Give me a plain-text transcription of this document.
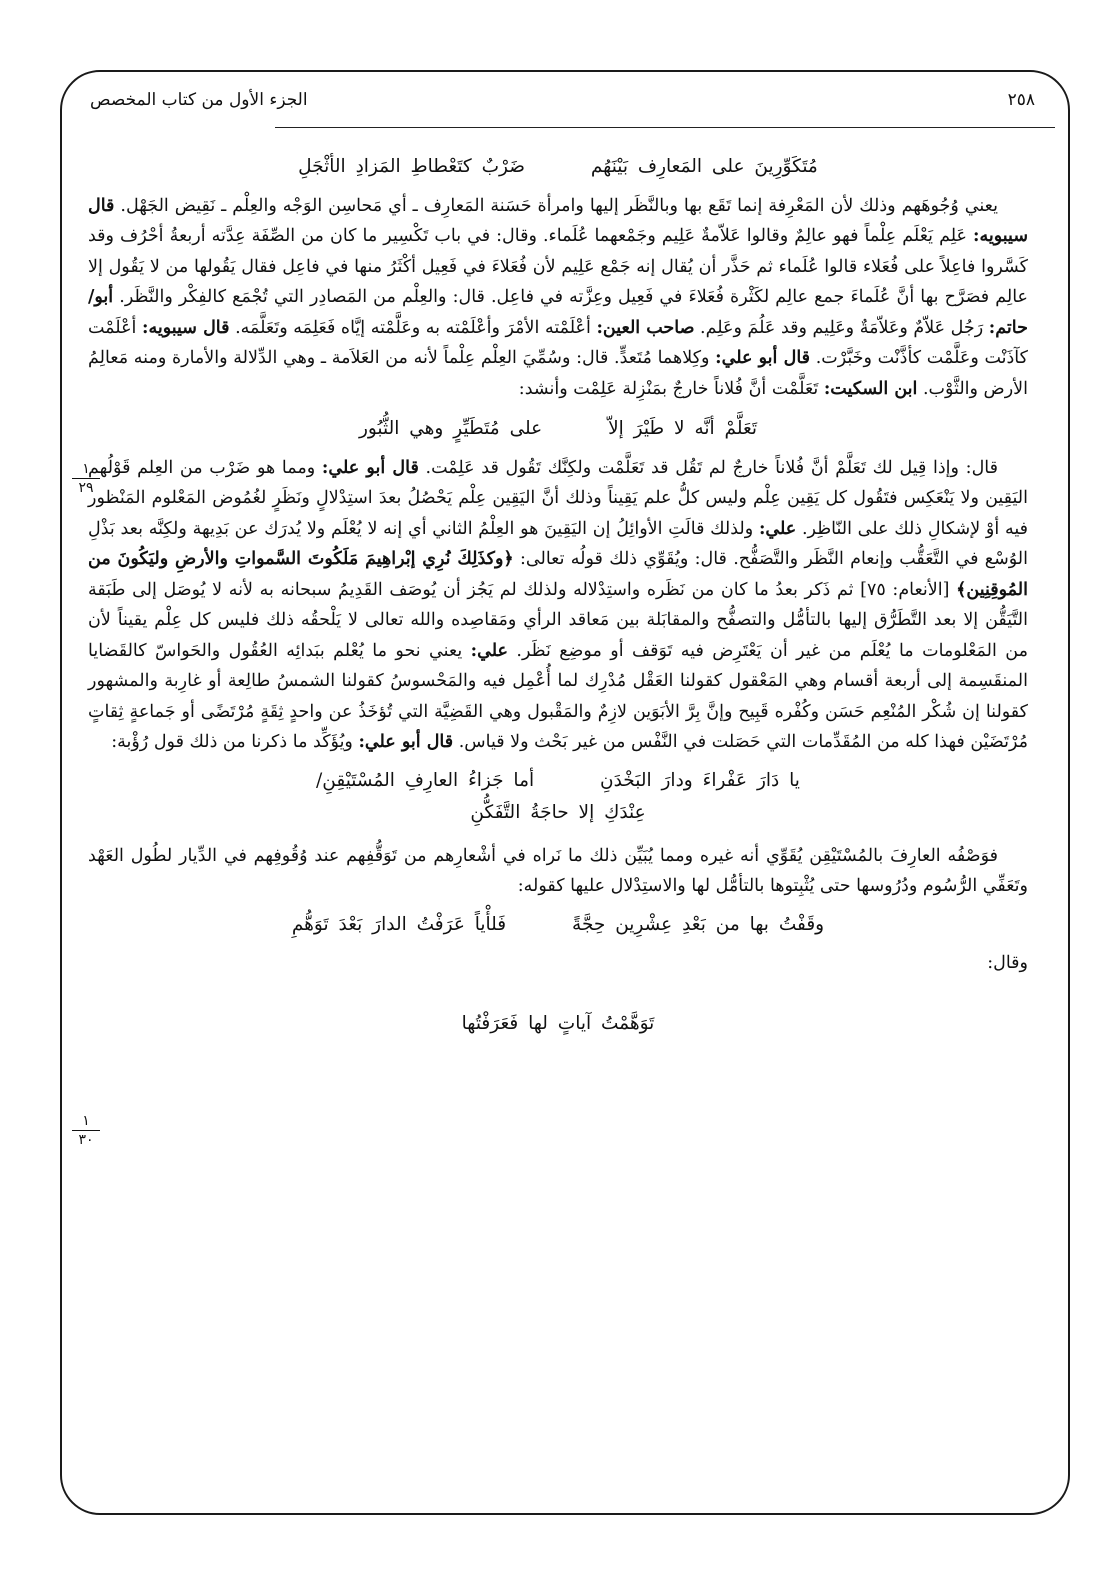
٢٥٨
الجزء الأول من كتاب المخصص
١
٢٩
١
٣٠
مُتَكَوِّرِينَ على المَعارِف بَيْنَهُم ضَرْبٌ كتَعْطاطِ المَزادِ الأثْجَلِ

يعني وُجُوهَهم وذلك لأن المَعْرِفة إنما تَقَع بها وبالنَّظَر إليها وامرأة حَسَنة المَعارِف ـ أي مَحاسِن الوَجْه والعِلْم ـ نَقِيض الجَهْل. قال سيبويه: عَلِم يَعْلَم عِلْماً فهو عالِمٌ وقالوا عَلاّمةٌ عَلِيم وجَمْعهما عُلَماء. وقال: في باب تَكْسِير ما كان من الصِّفَة عِدَّته أربعةُ أحْرُف وقد كَسَّروا فاعِلاً على فُعَلاء قالوا عُلَماء ثم حَذَّر أن يُقال إنه جَمْع عَلِيم لأن فُعَلاءَ في فَعِيل أكْثَرُ منها في فاعِل فقال يَقُولها من لا يَقُول إلا عالِم فصَرَّح بها أنَّ عُلَماءَ جمع عالِم لكَثْرة فُعَلاءَ في فَعِيل وعِزَّته في فاعِل. قال: والعِلْم من المَصادِر التي تُجْمَع كالفِكْر والنَّظَر. أبو/ حاتم: رَجُل عَلاّمٌ وعَلاّمَةٌ وعَلِيم وقد عَلُمَ وعَلِم. صاحب العين: أعْلَمْته الأمْرَ وأعْلَمْته به وعَلَّمْته إيَّاه فَعَلِمَه وتَعَلَّمَه. قال سيبويه: أعْلَمْت كآذَنْت وعَلَّمْت كأذَّنْت وخَبَّرْت. قال أبو علي: وكِلاهما مُتَعدٍّ. قال: وسُمِّيَ العِلْم عِلْماً لأنه من العَلاَمة ـ وهي الدِّلالة والأمارة ومنه مَعالِمُ الأرض والثَّوْب. ابن السكيت: تَعَلَّمْت أنَّ فُلاناً خارجٌ بمَنْزِلة عَلِمْت وأنشد:

تَعَلَّمْ أنَّه لا طَيْرَ إلاّ على مُتَطَيِّرٍ وهي الثُّبُور

قال: وإذا قِيل لك تَعَلَّمْ أنَّ فُلاناً خارجٌ لم تَقُل قد تَعَلَّمْت ولكِنَّك تَقُول قد عَلِمْت. قال أبو علي: ومما هو ضَرْب من العِلم قَوْلُهم اليَقِين ولا يَنْعَكِس فتَقُول كل يَقِين عِلْم وليس كلُّ علم يَقِيناً وذلك أنَّ اليَقِين عِلْم يَحْصُلُ بعدَ استِدْلالٍ ونَظَرٍ لغُمُوض المَعْلوم المَنْظور فيه أوْ لإشكالِ ذلك على النّاظِر. علي: ولذلك قالَتِ الأوائِلُ إن اليَقِينَ هو العِلْمُ الثاني أي إنه لا يُعْلَم ولا يُدرَك عن بَدِيهة ولكِنَّه بعد بَذْلِ الوُسْع في التَّعَقُّب وإنعام النَّظَر والتَّصَفُّح. قال: ويُقَوِّي ذلك قولُه تعالى: ﴿وكذَلِكَ نُرِي إبْراهِيمَ مَلَكُوتَ السَّمواتِ والأرضِ وليَكُونَ من المُوقِنِين﴾ [الأنعام: ٧٥] ثم ذَكر بعدُ ما كان من نَظَره واستِدْلاله ولذلك لم يَجُز أن يُوصَف القَدِيمُ سبحانه به لأنه لا يُوصَل إلى طَبَقة التَّيَقُّن إلا بعد التَّطَرُّق إليها بالتأمُّل والتصفُّح والمقابَلة بين مَعاقد الرأي ومَقاصِده والله تعالى لا يَلْحقُه ذلك فليس كل عِلْم يقيناً لأن من المَعْلومات ما يُعْلَم من غير أن يَعْتَرِض فيه تَوَقف أو موضِع نَظَر. علي: يعني نحو ما يُعْلم ببَدائِه العُقُول والحَواسّ كالقَضايا المنقَسِمة إلى أربعة أقسام وهي المَعْقول كقولنا العَقْل مُدْرِك لما أُعْمِل فيه والمَحْسوسُ كقولنا الشمسُ طالِعة أو غارِبة والمشهور كقولنا إن شُكْر المُنْعِم حَسَن وكُفْره قَبِيح وإنَّ بِرَّ الأبَوَين لازِمٌ والمَقْبول وهي القَضِيَّة التي تُؤخَذُ عن واحدٍ ثِقَةٍ مُرْتَضًى أو جَماعةٍ ثِقاتٍ مُرْتَضَيْن فهذا كله من المُقَدِّمات التي حَصَلت في النَّفْس من غير بَحْث ولا قياس. قال أبو علي: ويُؤَكِّد ما ذكرنا من ذلك قول رُؤْبة:

يا دَارَ عَفْراءَ ودارَ البَخْدَنِ أما جَزاءُ العارِفِ المُسْتَيْقِنِ/
عِنْدَكِ إلا حاجَةُ التَّفَكُّنِ

فوَصْفُه العارِفَ بالمُسْتَيْقِن يُقَوِّي أنه غيره ومما يُبَيِّن ذلك ما نَراه في أشْعارِهم من تَوَقُّفِهم عند وُقُوفِهم في الدِّيار لطُول العَهْد وتَعَفِّي الرُّسُوم ودُرُوسها حتى يُثْبِتوها بالتأمُّل لها والاستِدْلال عليها كقوله:

وقَفْتُ بها من بَعْدِ عِشْرِين حِجَّةً فَلأْياً عَرَفْتُ الدارَ بَعْدَ تَوَهُّمِ

وقال:

تَوَهَّمْتُ آياتٍ لها فَعَرَفْتُها
